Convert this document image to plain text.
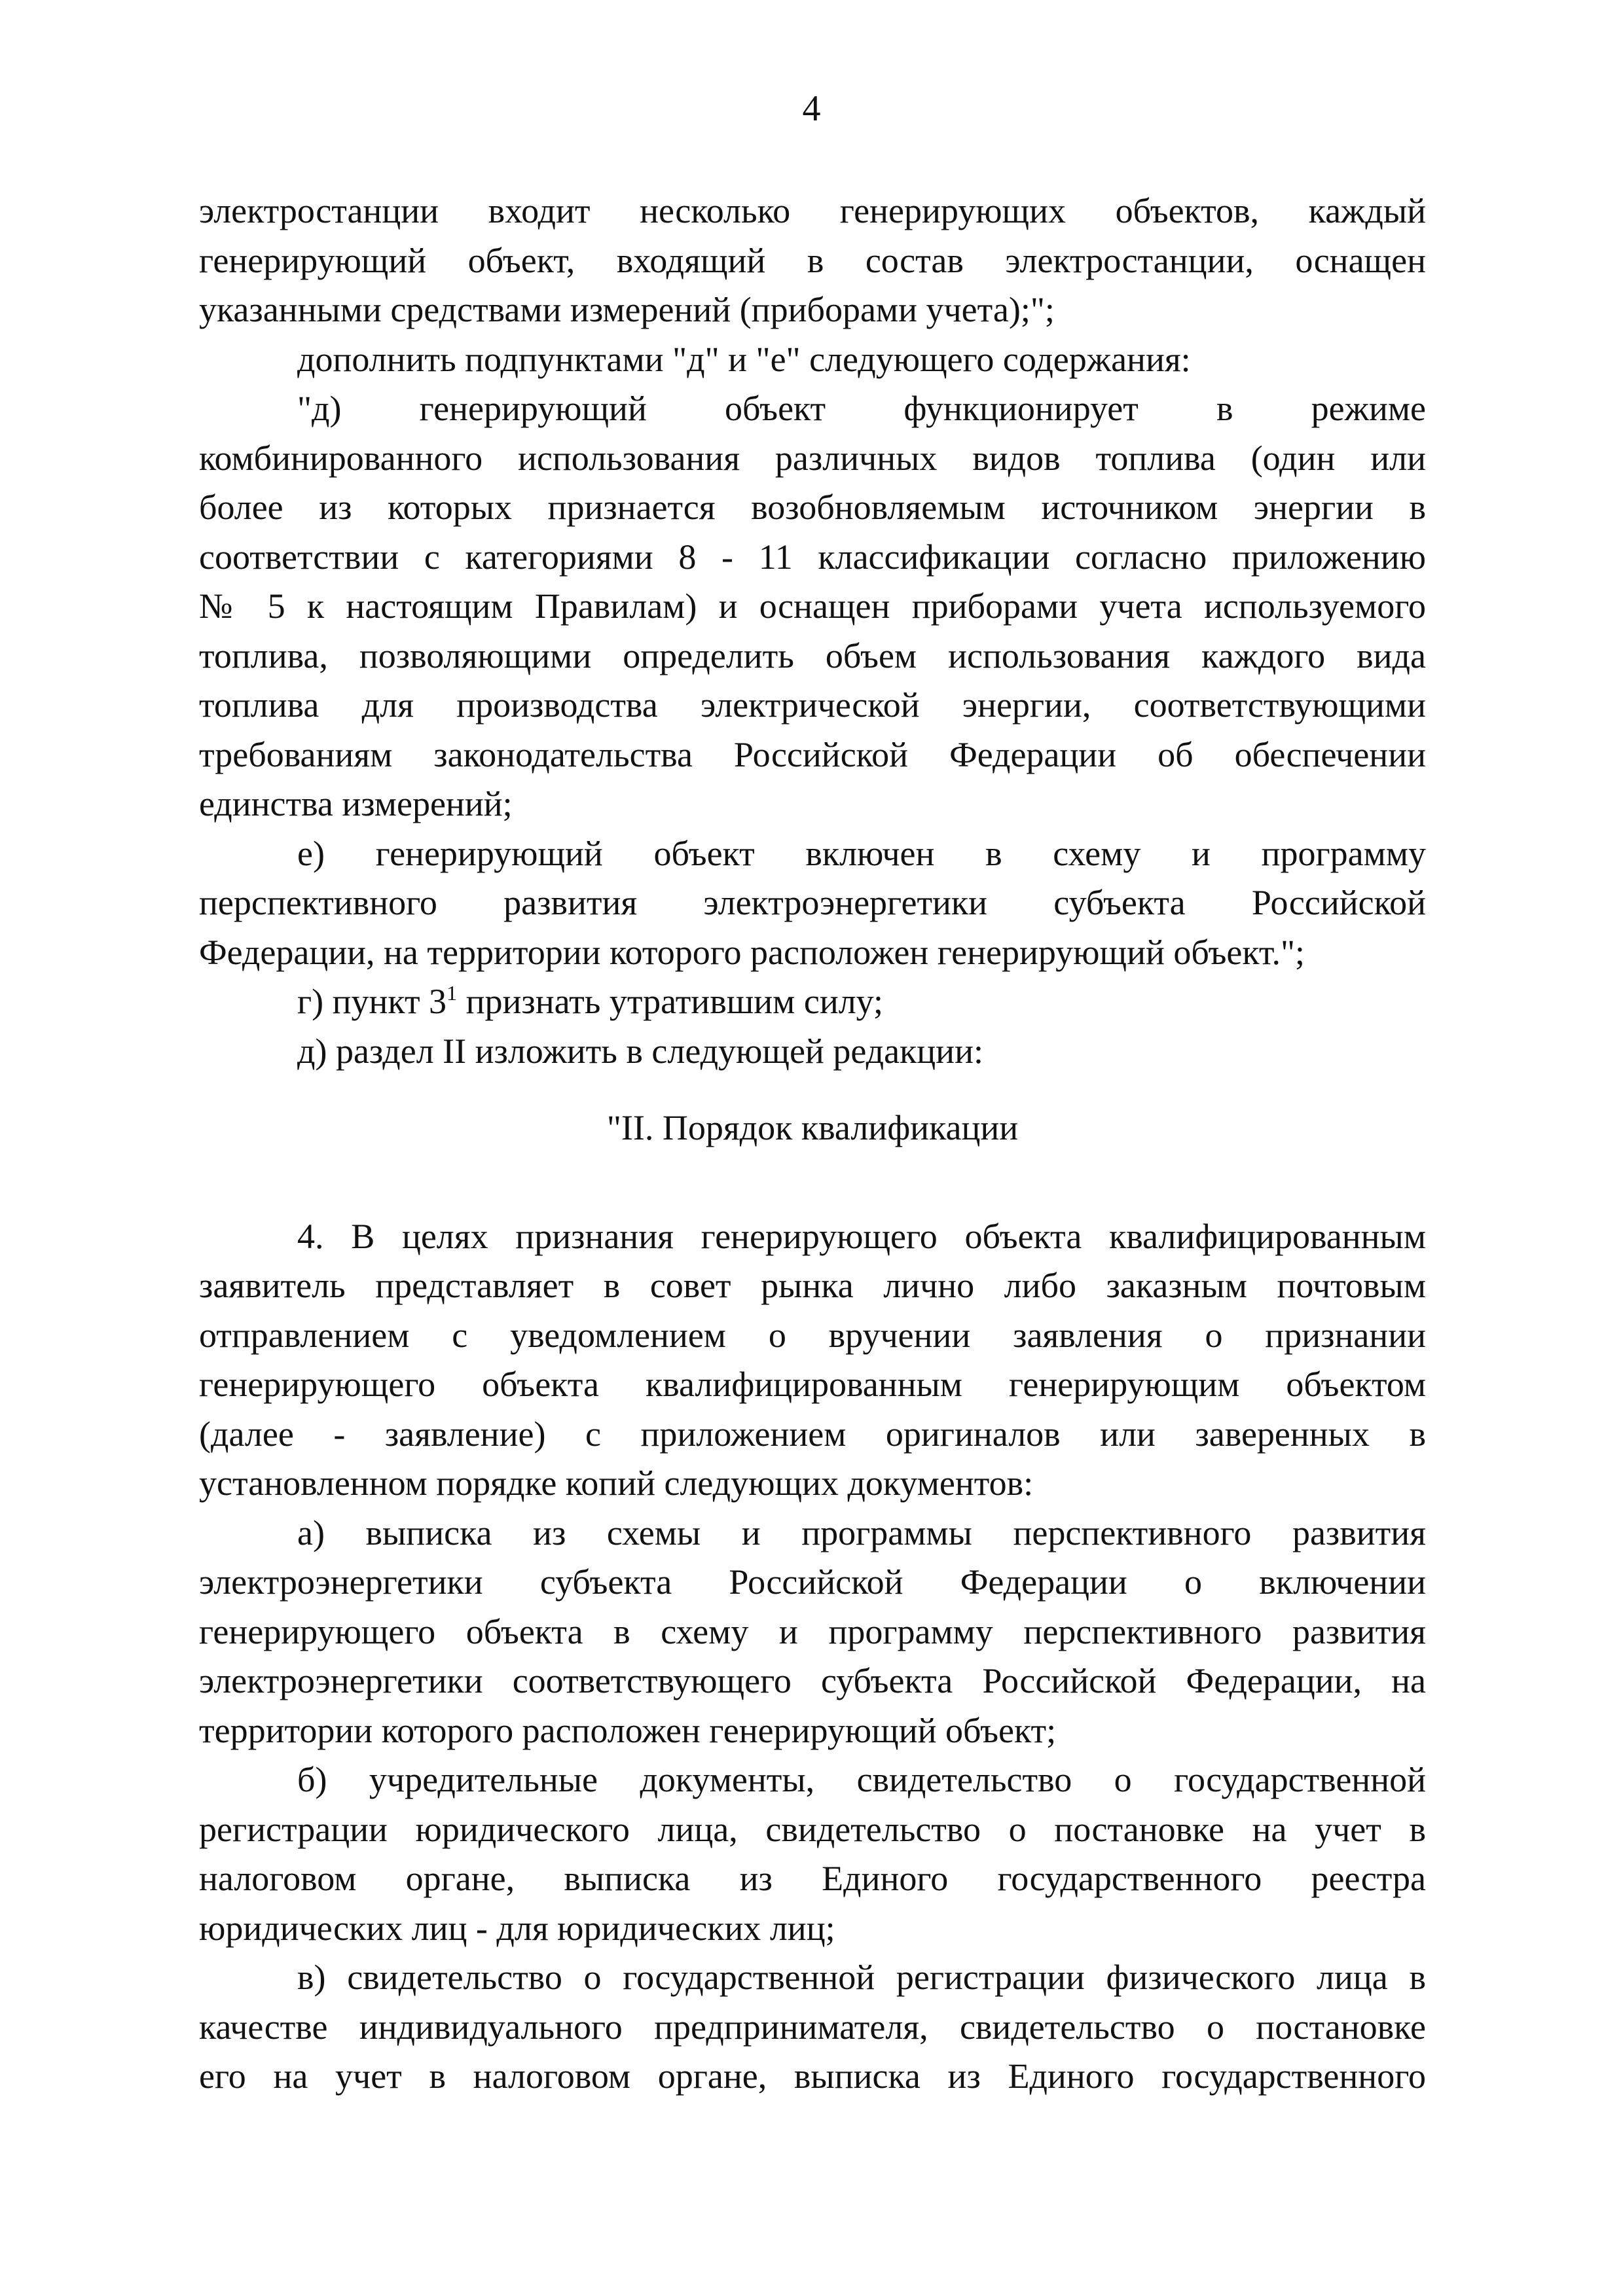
4
электростанции входит несколько генерирующих объектов, каждый
генерирующий объект, входящий в состав электростанции, оснащен
указанными средствами измерений (приборами учета);";
дополнить подпунктами "д" и "е" следующего содержания:
"д) генерирующий объект функционирует в режиме
комбинированного использования различных видов топлива (один или
более из которых признается возобновляемым источником энергии в
соответствии с категориями 8 - 11 классификации согласно приложению
№ 5 к настоящим Правилам) и оснащен приборами учета используемого
топлива, позволяющими определить объем использования каждого вида
топлива для производства электрической энергии, соответствующими
требованиям законодательства Российской Федерации об обеспечении
единства измерений;
е) генерирующий объект включен в схему и программу
перспективного развития электроэнергетики субъекта Российской
Федерации, на территории которого расположен генерирующий объект.";
г) пункт $3^1$ признать утратившим силу;
д) раздел II изложить в следующей редакции:
"II. Порядок квалификации
4. В целях признания генерирующего объекта квалифицированным
заявитель представляет в совет рынка лично либо заказным почтовым
отправлением с уведомлением о вручении заявления о признании
генерирующего объекта квалифицированным генерирующим объектом
(далее - заявление) с приложением оригиналов или заверенных в
установленном порядке копий следующих документов:
а) выписка из схемы и программы перспективного развития
электроэнергетики субъекта Российской Федерации о включении
генерирующего объекта в схему и программу перспективного развития
электроэнергетики соответствующего субъекта Российской Федерации, на
территории которого расположен генерирующий объект;
б) учредительные документы, свидетельство о государственной
регистрации юридического лица, свидетельство о постановке на учет в
налоговом органе, выписка из Единого государственного реестра
юридических лиц - для юридических лиц;
в) свидетельство о государственной регистрации физического лица в
качестве индивидуального предпринимателя, свидетельство о постановке
его на учет в налоговом органе, выписка из Единого государственного
